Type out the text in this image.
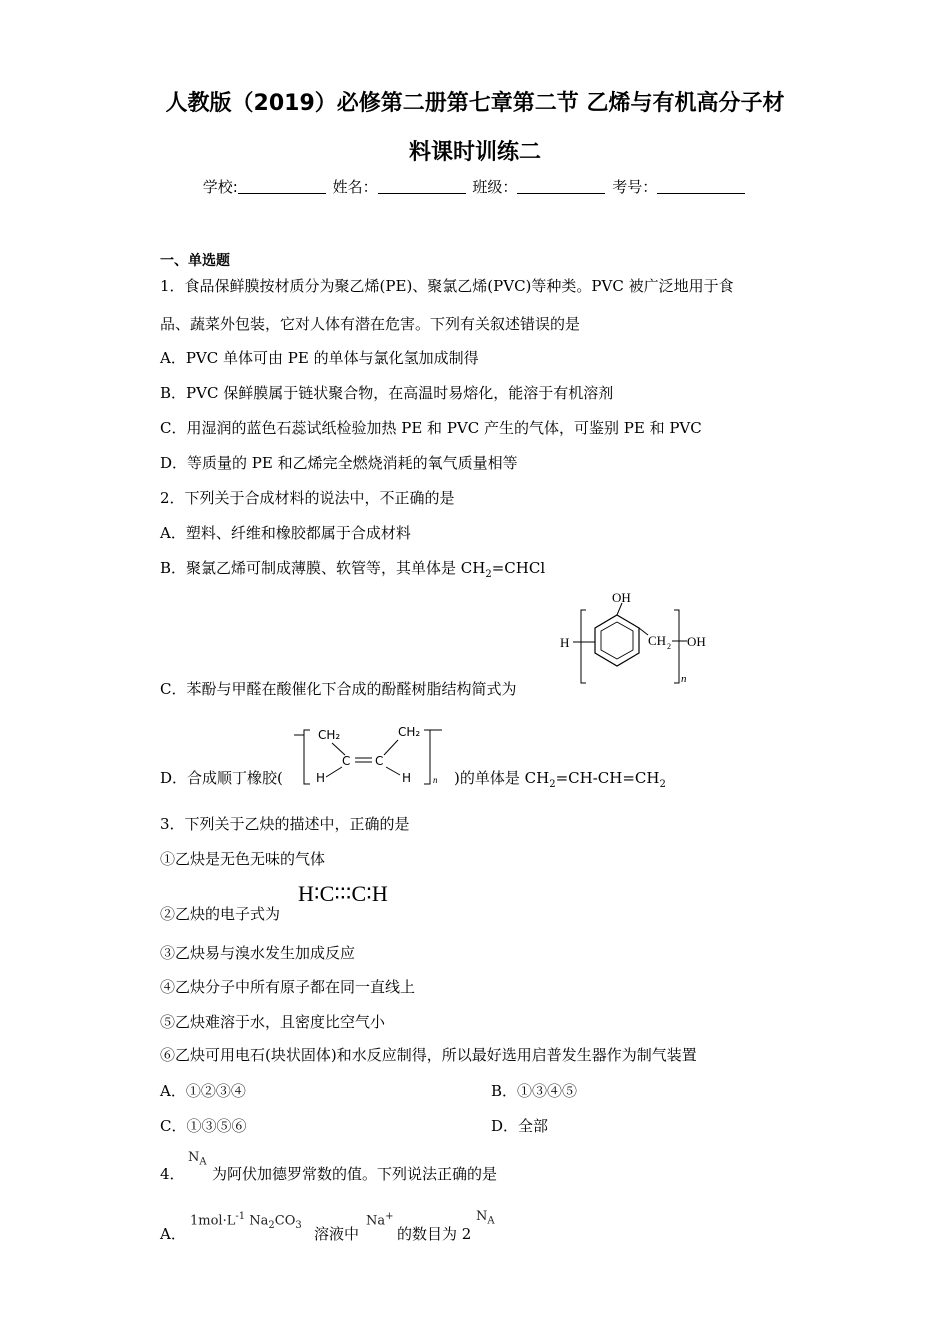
人教版（2019）必修第二册第七章第二节 乙烯与有机高分子材
料课时训练二
学校:	姓名：	班级：	考号：
一、单选题
1．食品保鲜膜按材质分为聚乙烯(PE)、聚氯乙烯(PVC)等种类。PVC 被广泛地用于食
品、蔬菜外包装，它对人体有潜在危害。下列有关叙述错误的是
A．PVC 单体可由 PE 的单体与氯化氢加成制得
B．PVC 保鲜膜属于链状聚合物，在高温时易熔化，能溶于有机溶剂
C．用湿润的蓝色石蕊试纸检验加热 PE 和 PVC 产生的气体，可鉴别 PE 和 PVC
D．等质量的 PE 和乙烯完全燃烧消耗的氧气质量相等
2．下列关于合成材料的说法中，不正确的是
A．塑料、纤维和橡胶都属于合成材料
B．聚氯乙烯可制成薄膜、软管等，其单体是 $CH_2=CHCl$
H
OH
CH 2 OH
n
C．苯酚与甲醛在酸催化下合成的酚醛树脂结构简式为
D．合成顺丁橡胶(
CH₂
C C
CH₂
H	H n )的单体是 $CH_2=CH-CH=CH_2$
3．下列关于乙炔的描述中，正确的是
①乙炔是无色无味的气体
②乙炔的电子式为
H∶C∶∶∶C∶H
③乙炔易与溴水发生加成反应
④乙炔分子中所有原子都在同一直线上
⑤乙炔难溶于水，且密度比空气小
⑥乙炔可用电石(块状固体)和水反应制得，所以最好选用启普发生器作为制气装置
A．①②③④	B．①③④⑤
C．①③⑤⑥	D．全部
4．
$N_A$
为阿伏加德罗常数的值。下列说法正确的是
A．
$1mol\cdot L^{-1}$ $Na_2CO_3$ 溶液中
Na+
的数目为 2
$N_A$
